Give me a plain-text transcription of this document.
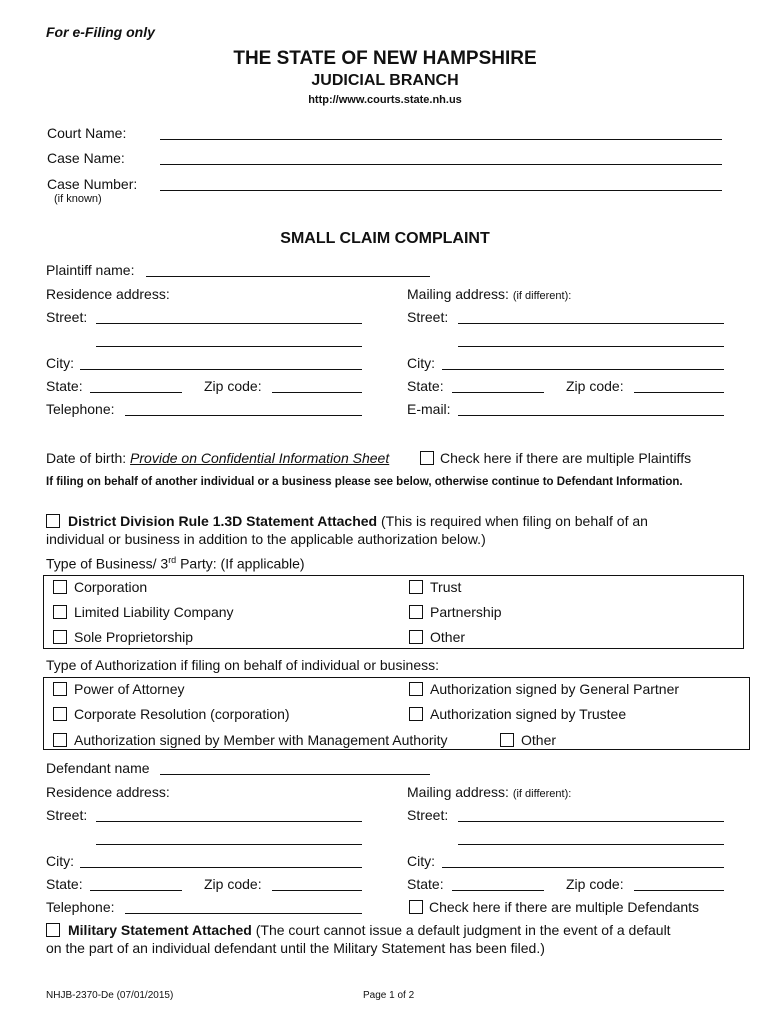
For e-Filing only
THE STATE OF NEW HAMPSHIRE
JUDICIAL BRANCH
http://www.courts.state.nh.us
Court Name:
Case Name:
Case Number:
(if known)
SMALL CLAIM COMPLAINT
Plaintiff name:
Residence address:	Mailing address: (if different):
Street:	Street:
City:	City:
State:	Zip code:	State:	Zip code:
Telephone:	E-mail:
Date of birth: Provide on Confidential Information Sheet	Check here if there are multiple Plaintiffs
If filing on behalf of another individual or a business please see below, otherwise continue to Defendant Information.
District Division Rule 1.3D Statement Attached (This is required when filing on behalf of an
individual or business in addition to the applicable authorization below.)
Type of Business/ 3rd Party: (If applicable)
Corporation
Limited Liability Company
Sole Proprietorship
Trust
Partnership
Other
Type of Authorization if filing on behalf of individual or business:
Power of Attorney
Corporate Resolution (corporation)
Authorization signed by Member with Management Authority
Authorization signed by General Partner
Authorization signed by Trustee
Other
Defendant name
Residence address:	Mailing address: (if different):
Street:	Street:
City:	City:
State:	Zip code:	State:	Zip code:
Telephone:	Check here if there are multiple Defendants
Military Statement Attached (The court cannot issue a default judgment in the event of a default
on the part of an individual defendant until the Military Statement has been filed.)
NHJB-2370-De (07/01/2015)	Page 1 of 2
